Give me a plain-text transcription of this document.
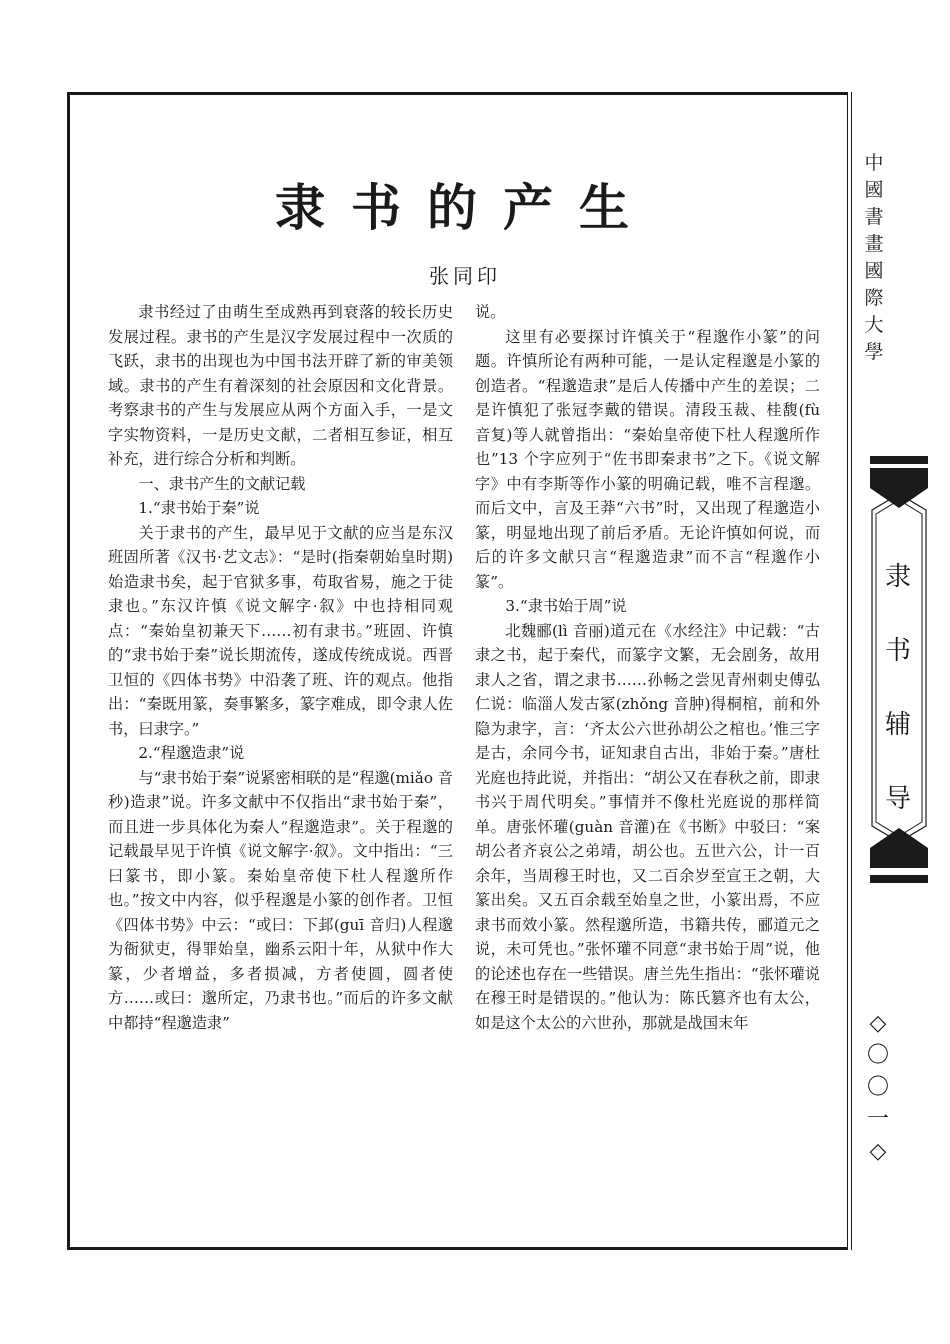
隶书的产生
张同印

隶书经过了由萌生至成熟再到衰落的较长历史发展过程。隶书的产生是汉字发展过程中一次质的飞跃，隶书的出现也为中国书法开辟了新的审美领域。隶书的产生有着深刻的社会原因和文化背景。考察隶书的产生与发展应从两个方面入手，一是文字实物资料，一是历史文献，二者相互参证，相互补充，进行综合分析和判断。

一、隶书产生的文献记载

1.“隶书始于秦”说

关于隶书的产生，最早见于文献的应当是东汉班固所著《汉书·艺文志》：“是时(指秦朝始皇时期)始造隶书矣，起于官狱多事，苟取省易，施之于徒隶也。”东汉许慎《说文解字·叙》中也持相同观点：“秦始皇初兼天下……初有隶书。”班固、许慎的“隶书始于秦”说长期流传，遂成传统成说。西晋卫恒的《四体书势》中沿袭了班、许的观点。他指出：“秦既用篆，奏事繁多，篆字难成，即令隶人佐书，曰隶字。”

2.“程邈造隶”说

与“隶书始于秦”说紧密相联的是“程邈(miǎo 音秒)造隶”说。许多文献中不仅指出“隶书始于秦”，而且进一步具体化为秦人“程邈造隶”。关于程邈的记载最早见于许慎《说文解字·叙》。文中指出：“三曰篆书，即小篆。秦始皇帝使下杜人程邈所作也。”按文中内容，似乎程邈是小篆的创作者。卫恒《四体书势》中云：“或曰：下邽(guī 音归)人程邈为衙狱吏，得罪始皇，幽系云阳十年，从狱中作大篆，少者增益，多者损减，方者使圆，圆者使方……或曰：邈所定，乃隶书也。”而后的许多文献中都持“程邈造隶”

说。

这里有必要探讨许慎关于“程邈作小篆”的问题。许慎所论有两种可能，一是认定程邈是小篆的创造者。“程邈造隶”是后人传播中产生的差误；二是许慎犯了张冠李戴的错误。清段玉裁、桂馥(fù 音复)等人就曾指出：“秦始皇帝使下杜人程邈所作也”13 个字应列于“佐书即秦隶书”之下。《说文解字》中有李斯等作小篆的明确记载，唯不言程邈。而后文中，言及王莽“六书”时，又出现了程邈造小篆，明显地出现了前后矛盾。无论许慎如何说，而后的许多文献只言“程邈造隶”而不言“程邈作小篆”。

3.“隶书始于周”说

北魏郦(lì 音丽)道元在《水经注》中记载：“古隶之书，起于秦代，而篆字文繁，无会剧务，故用隶人之省，谓之隶书……孙畅之尝见青州刺史傅弘仁说：临淄人发古冢(zhǒng 音肿)得桐棺，前和外隐为隶字，言：‘齐太公六世孙胡公之棺也。’惟三字是古，余同今书，证知隶自古出，非始于秦。”唐杜光庭也持此说，并指出：“胡公又在春秋之前，即隶书兴于周代明矣。”事情并不像杜光庭说的那样简单。唐张怀瓘(guàn 音灌)在《书断》中驳曰：“案胡公者齐哀公之弟靖，胡公也。五世六公，计一百余年，当周穆王时也，又二百余岁至宣王之朝，大篆出矣。又五百余载至始皇之世，小篆出焉，不应隶书而效小篆。然程邈所造，书籍共传，郦道元之说，未可凭也。”张怀瓘不同意“隶书始于周”说，他的论述也存在一些错误。唐兰先生指出：“张怀瓘说在穆王时是错误的。”他认为：陈氏篡齐也有太公，如是这个太公的六世孙，那就是战国末年

中
國
書
畫
國
際
大
學
隶
书
辅
导
◇
〇
〇
一
◇
